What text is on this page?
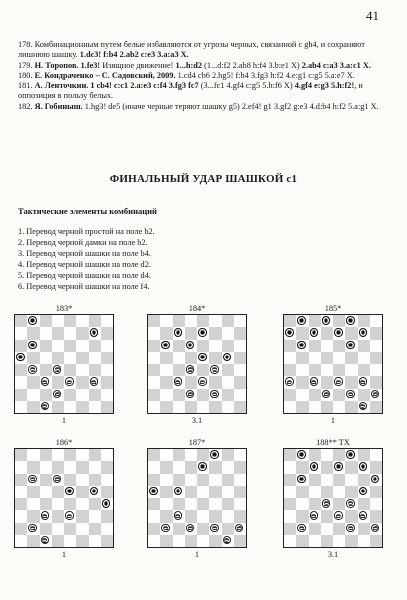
41

178. Комбинационным путем белые избавляются от угрозы черных, связанной с gh4, и сохраняют лишнюю шашку. 1.dc3! f:b4 2.ab2 c:e3 3.a:a3 X.

179. Н. Торопов. 1.fe3! Изящное движение! 1...h:d2 (1...d:f2 2.ab8 h:f4 3.b:e1 X) 2.ab4 c:a3 3.a:c1 X.

180. Е. Кондраченко – С. Садовский, 2009. 1.cd4 cb6 2.hg5! f:h4 3.fg3 h:f2 4.e:g1 c:g5 5.a:e7 X.

181. А. Ленточкин. 1 cb4! c:c1 2.a:e3 c:f4 3.fg3 fc7 (3...fc1 4.gf4 c:g5 5.h:f6 X) 4.gf4 e:g3 5.h:f2!, и оппозиция в пользу белых.

182. Я. Гобиныш. 1.hg3! de5 (иначе черные теряют шашку g5) 2.ef4! g1 3.gf2 g:e3 4.d:b4 h:f2 5.a:g1 X.

ФИНАЛЬНЫЙ УДАР ШАШКОЙ c1
Тактические элементы комбинаций
1. Перевод черной простой на поле b2.
2. Перевод черной дамки на поле b2.
3. Перевод черной шашки на поле b4.
4. Перевод черной шашки на поле d2.
5. Перевод черной шашки на поле d4.
6. Перевод черной шашки на поле f4.
183*
1
184*
3.1
185*
1
186*
1
187*
1
188** TX
3.1
